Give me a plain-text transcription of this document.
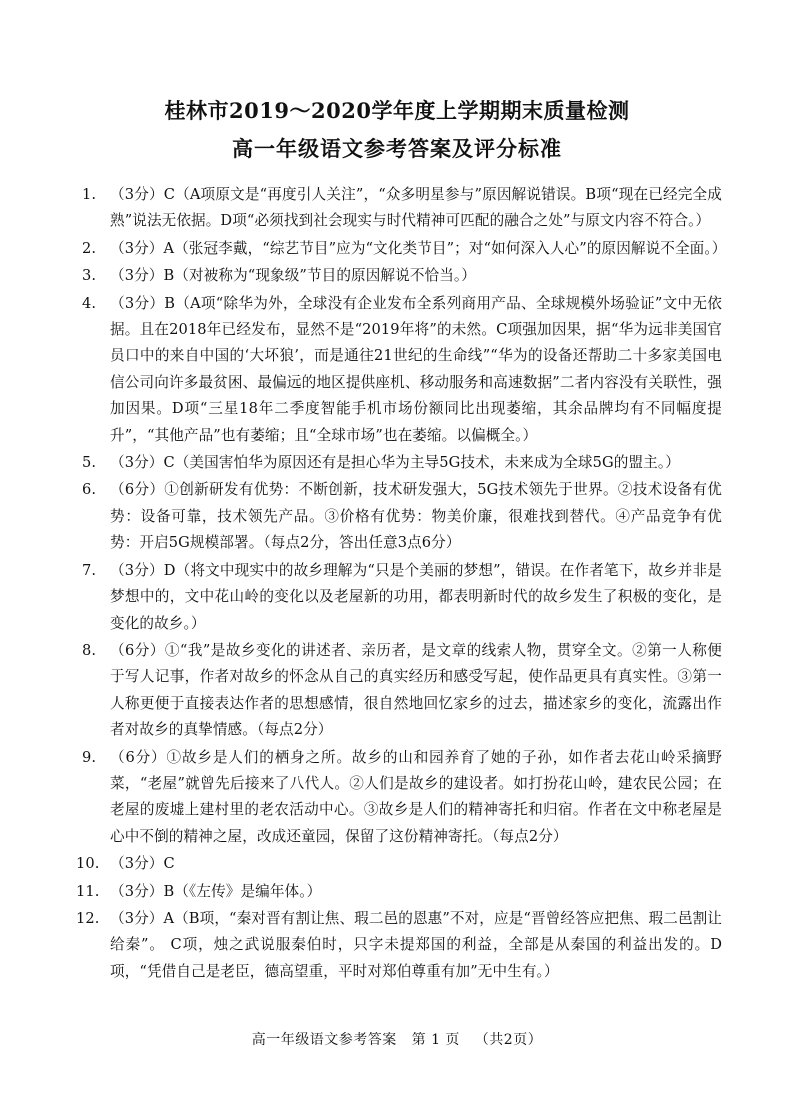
桂林市2019～2020学年度上学期期末质量检测
高一年级语文参考答案及评分标准
1. （3分）C（A项原文是“再度引人关注”，“众多明星参与”原因解说错误。B项“现在已经完全成熟”说法无依据。D项“必须找到社会现实与时代精神可匹配的融合之处”与原文内容不符合。）
2. （3分）A（张冠李戴，“综艺节目”应为“文化类节目”；对“如何深入人心”的原因解说不全面。）
3. （3分）B（对被称为“现象级”节目的原因解说不恰当。）
4. （3分）B（A项“除华为外，全球没有企业发布全系列商用产品、全球规模外场验证”文中无依据。且在2018年已经发布，显然不是“2019年将”的未然。C项强加因果，据“华为远非美国官员口中的来自中国的‘大坏狼’，而是通往21世纪的生命线”“华为的设备还帮助二十多家美国电信公司向许多最贫困、最偏远的地区提供座机、移动服务和高速数据”二者内容没有关联性，强加因果。D项“三星18年二季度智能手机市场份额同比出现萎缩，其余品牌均有不同幅度提升”，“其他产品”也有萎缩；且“全球市场”也在萎缩。以偏概全。）
5. （3分）C（美国害怕华为原因还有是担心华为主导5G技术，未来成为全球5G的盟主。）
6. （6分）①创新研发有优势：不断创新，技术研发强大，5G技术领先于世界。②技术设备有优势：设备可靠，技术领先产品。③价格有优势：物美价廉，很难找到替代。④产品竞争有优势：开启5G规模部署。（每点2分，答出任意3点6分）
7. （3分）D（将文中现实中的故乡理解为“只是个美丽的梦想”，错误。在作者笔下，故乡并非是梦想中的，文中花山岭的变化以及老屋新的功用，都表明新时代的故乡发生了积极的变化，是变化的故乡。）
8. （6分）①“我”是故乡变化的讲述者、亲历者，是文章的线索人物，贯穿全文。②第一人称便于写人记事，作者对故乡的怀念从自己的真实经历和感受写起，使作品更具有真实性。③第一人称更便于直接表达作者的思想感情，很自然地回忆家乡的过去，描述家乡的变化，流露出作者对故乡的真挚情感。（每点2分）
9. （6分）①故乡是人们的栖身之所。故乡的山和园养育了她的子孙，如作者去花山岭采摘野菜，“老屋”就曾先后接来了八代人。②人们是故乡的建设者。如打扮花山岭，建农民公园；在老屋的废墟上建村里的老农活动中心。③故乡是人们的精神寄托和归宿。作者在文中称老屋是心中不倒的精神之屋，改成还童园，保留了这份精神寄托。（每点2分）
10. （3分）C
11. （3分）B（《左传》是编年体。）
12. （3分）A（B项，“秦对晋有割让焦、瑕二邑的恩惠”不对，应是“晋曾经答应把焦、瑕二邑割让给秦”。 C项，烛之武说服秦伯时，只字未提郑国的利益，全部是从秦国的利益出发的。D项，“凭借自己是老臣，德高望重，平时对郑伯尊重有加”无中生有。）
高一年级语文参考答案 第 1 页 （共2页）
